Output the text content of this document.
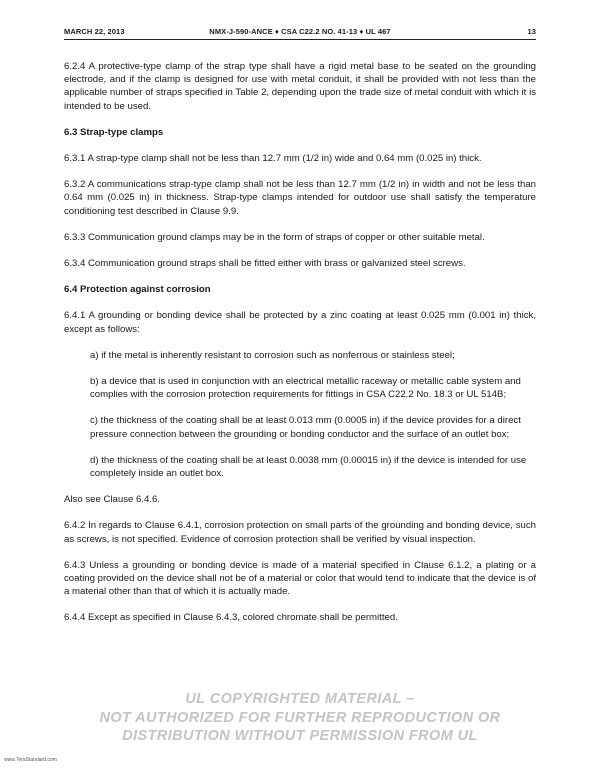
MARCH 22, 2013	NMX-J-590-ANCE ♦ CSA C22.2 NO. 41-13 ♦ UL 467	13

6.2.4 A protective-type clamp of the strap type shall have a rigid metal base to be seated on the grounding electrode, and if the clamp is designed for use with metal conduit, it shall be provided with not less than the applicable number of straps specified in Table 2, depending upon the trade size of metal conduit with which it is intended to be used.

6.3 Strap-type clamps

6.3.1 A strap-type clamp shall not be less than 12.7 mm (1/2 in) wide and 0.64 mm (0.025 in) thick.

6.3.2 A communications strap-type clamp shall not be less than 12.7 mm (1/2 in) in width and not be less than 0.64 mm (0.025 in) in thickness. Strap-type clamps intended for outdoor use shall satisfy the temperature conditioning test described in Clause 9.9.

6.3.3 Communication ground clamps may be in the form of straps of copper or other suitable metal.

6.3.4 Communication ground straps shall be fitted either with brass or galvanized steel screws.

6.4 Protection against corrosion

6.4.1 A grounding or bonding device shall be protected by a zinc coating at least 0.025 mm (0.001 in) thick, except as follows:

a) if the metal is inherently resistant to corrosion such as nonferrous or stainless steel;

b) a device that is used in conjunction with an electrical metallic raceway or metallic cable system and complies with the corrosion protection requirements for fittings in CSA C22.2 No. 18.3 or UL 514B;

c) the thickness of the coating shall be at least 0.013 mm (0.0005 in) if the device provides for a direct pressure connection between the grounding or bonding conductor and the surface of an outlet box;

d) the thickness of the coating shall be at least 0.0038 mm (0.00015 in) if the device is intended for use completely inside an outlet box.

Also see Clause 6.4.6.

6.4.2 In regards to Clause 6.4.1, corrosion protection on small parts of the grounding and bonding device, such as screws, is not specified. Evidence of corrosion protection shall be verified by visual inspection.

6.4.3 Unless a grounding or bonding device is made of a material specified in Clause 6.1.2, a plating or a coating provided on the device shall not be of a material or color that would tend to indicate that the device is of a material other than that of which it is actually made.

6.4.4 Except as specified in Clause 6.4.3, colored chromate shall be permitted.

UL COPYRIGHTED MATERIAL –
NOT AUTHORIZED FOR FURTHER REPRODUCTION OR
DISTRIBUTION WITHOUT PERMISSION FROM UL
www.TeraStandard.com
